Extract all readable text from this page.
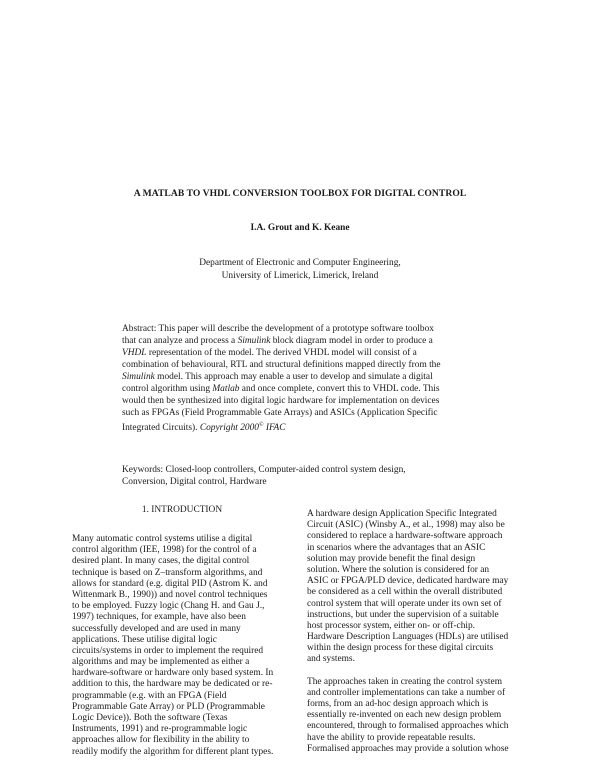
A MATLAB TO VHDL CONVERSION TOOLBOX FOR DIGITAL CONTROL
I.A. Grout and K. Keane
Department of Electronic and Computer Engineering,
University of Limerick, Limerick, Ireland
Abstract: This paper will describe the development of a prototype software toolbox
that can analyze and process a Simulink block diagram model in order to produce a
VHDL representation of the model. The derived VHDL model will consist of a
combination of behavioural, RTL and structural definitions mapped directly from the
Simulink model. This approach may enable a user to develop and simulate a digital
control algorithm using Matlab and once complete, convert this to VHDL code. This
would then be synthesized into digital logic hardware for implementation on devices
such as FPGAs (Field Programmable Gate Arrays) and ASICs (Application Specific
Integrated Circuits). Copyright 2000© IFAC
Keywords: Closed-loop controllers, Computer-aided control system design,
Conversion, Digital control, Hardware
1. INTRODUCTION
Many automatic control systems utilise a digital
control algorithm (IEE, 1998) for the control of a
desired plant. In many cases, the digital control
technique is based on Z–transform algorithms, and
allows for standard (e.g. digital PID (Astrom K. and
Wittenmark B., 1990)) and novel control techniques
to be employed. Fuzzy logic (Chang H. and Gau J.,
1997) techniques, for example, have also been
successfully developed and are used in many
applications. These utilise digital logic
circuits/systems in order to implement the required
algorithms and may be implemented as either a
hardware-software or hardware only based system. In
addition to this, the hardware may be dedicated or re-
programmable (e.g. with an FPGA (Field
Programmable Gate Array) or PLD (Programmable
Logic Device)). Both the software (Texas
Instruments, 1991) and re-programmable logic
approaches allow for flexibility in the ability to
readily modify the algorithm for different plant types.
A hardware design Application Specific Integrated
Circuit (ASIC) (Winsby A., et al., 1998) may also be
considered to replace a hardware-software approach
in scenarios where the advantages that an ASIC
solution may provide benefit the final design
solution. Where the solution is considered for an
ASIC or FPGA/PLD device, dedicated hardware may
be considered as a cell within the overall distributed
control system that will operate under its own set of
instructions, but under the supervision of a suitable
host processor system, either on- or off-chip.
Hardware Description Languages (HDLs) are utilised
within the design process for these digital circuits
and systems.
The approaches taken in creating the control system
and controller implementations can take a number of
forms, from an ad-hoc design approach which is
essentially re-invented on each new design problem
encountered, through to formalised approaches which
have the ability to provide repeatable results.
Formalised approaches may provide a solution whose
